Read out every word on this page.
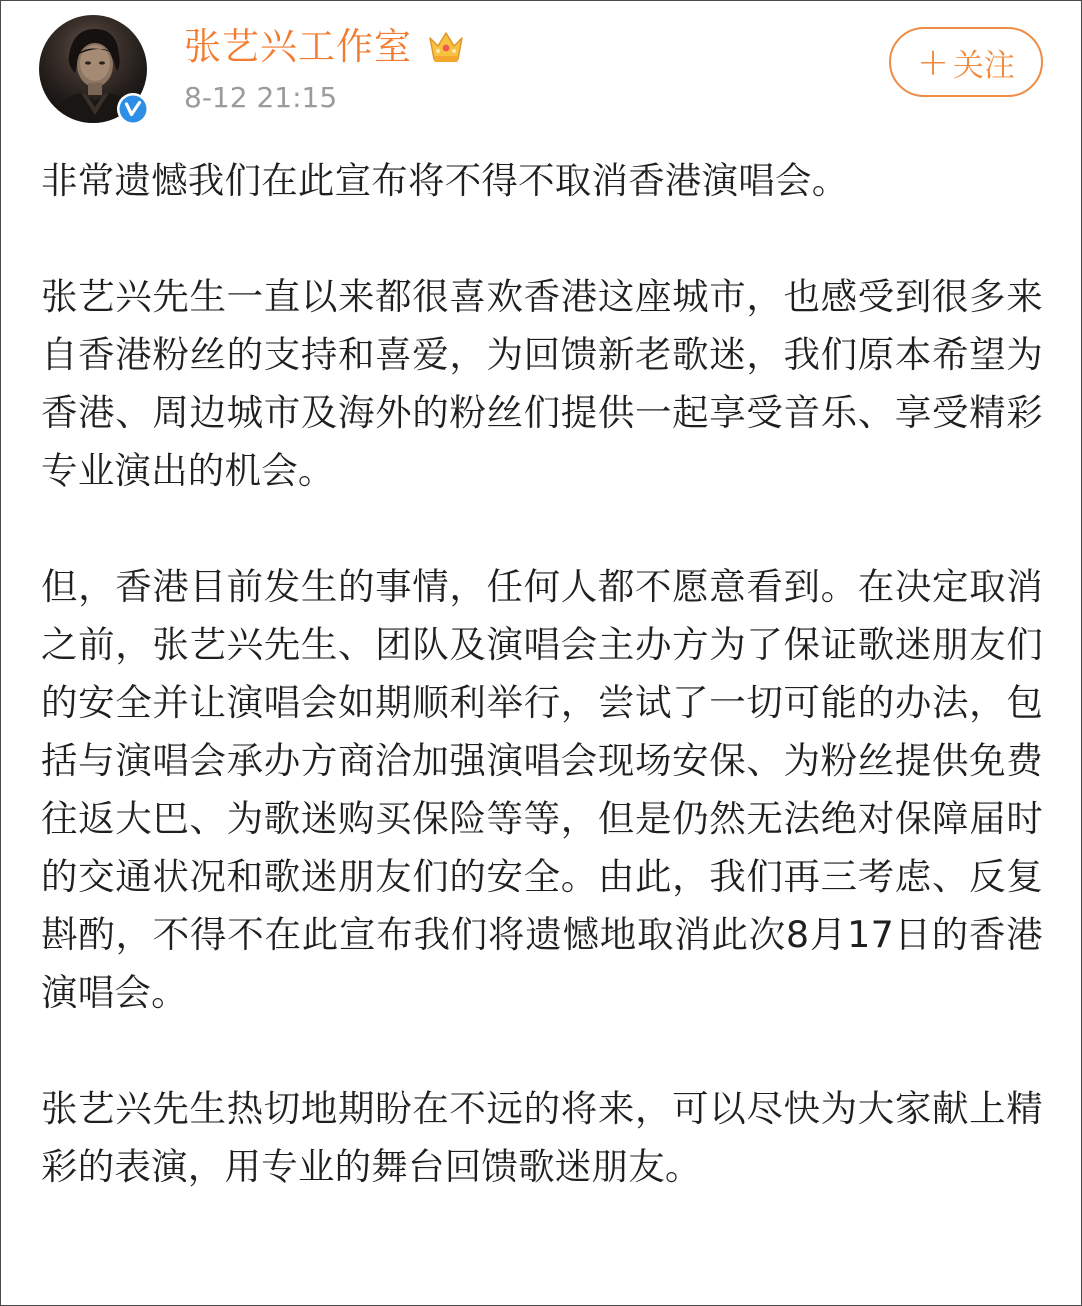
张艺兴工作室
8-12 21:15
+ 关注

非常遗憾我们在此宣布将不得不取消香港演唱会。

张艺兴先生一直以来都很喜欢香港这座城市，也感受到很多来自香港粉丝的支持和喜爱，为回馈新老歌迷，我们原本希望为香港、周边城市及海外的粉丝们提供一起享受音乐、享受精彩专业演出的机会。

但，香港目前发生的事情，任何人都不愿意看到。在决定取消之前，张艺兴先生、团队及演唱会主办方为了保证歌迷朋友们的安全并让演唱会如期顺利举行，尝试了一切可能的办法，包括与演唱会承办方商洽加强演唱会现场安保、为粉丝提供免费往返大巴、为歌迷购买保险等等，但是仍然无法绝对保障届时的交通状况和歌迷朋友们的安全。由此，我们再三考虑、反复斟酌，不得不在此宣布我们将遗憾地取消此次8月17日的香港演唱会。

张艺兴先生热切地期盼在不远的将来，可以尽快为大家献上精彩的表演，用专业的舞台回馈歌迷朋友。
